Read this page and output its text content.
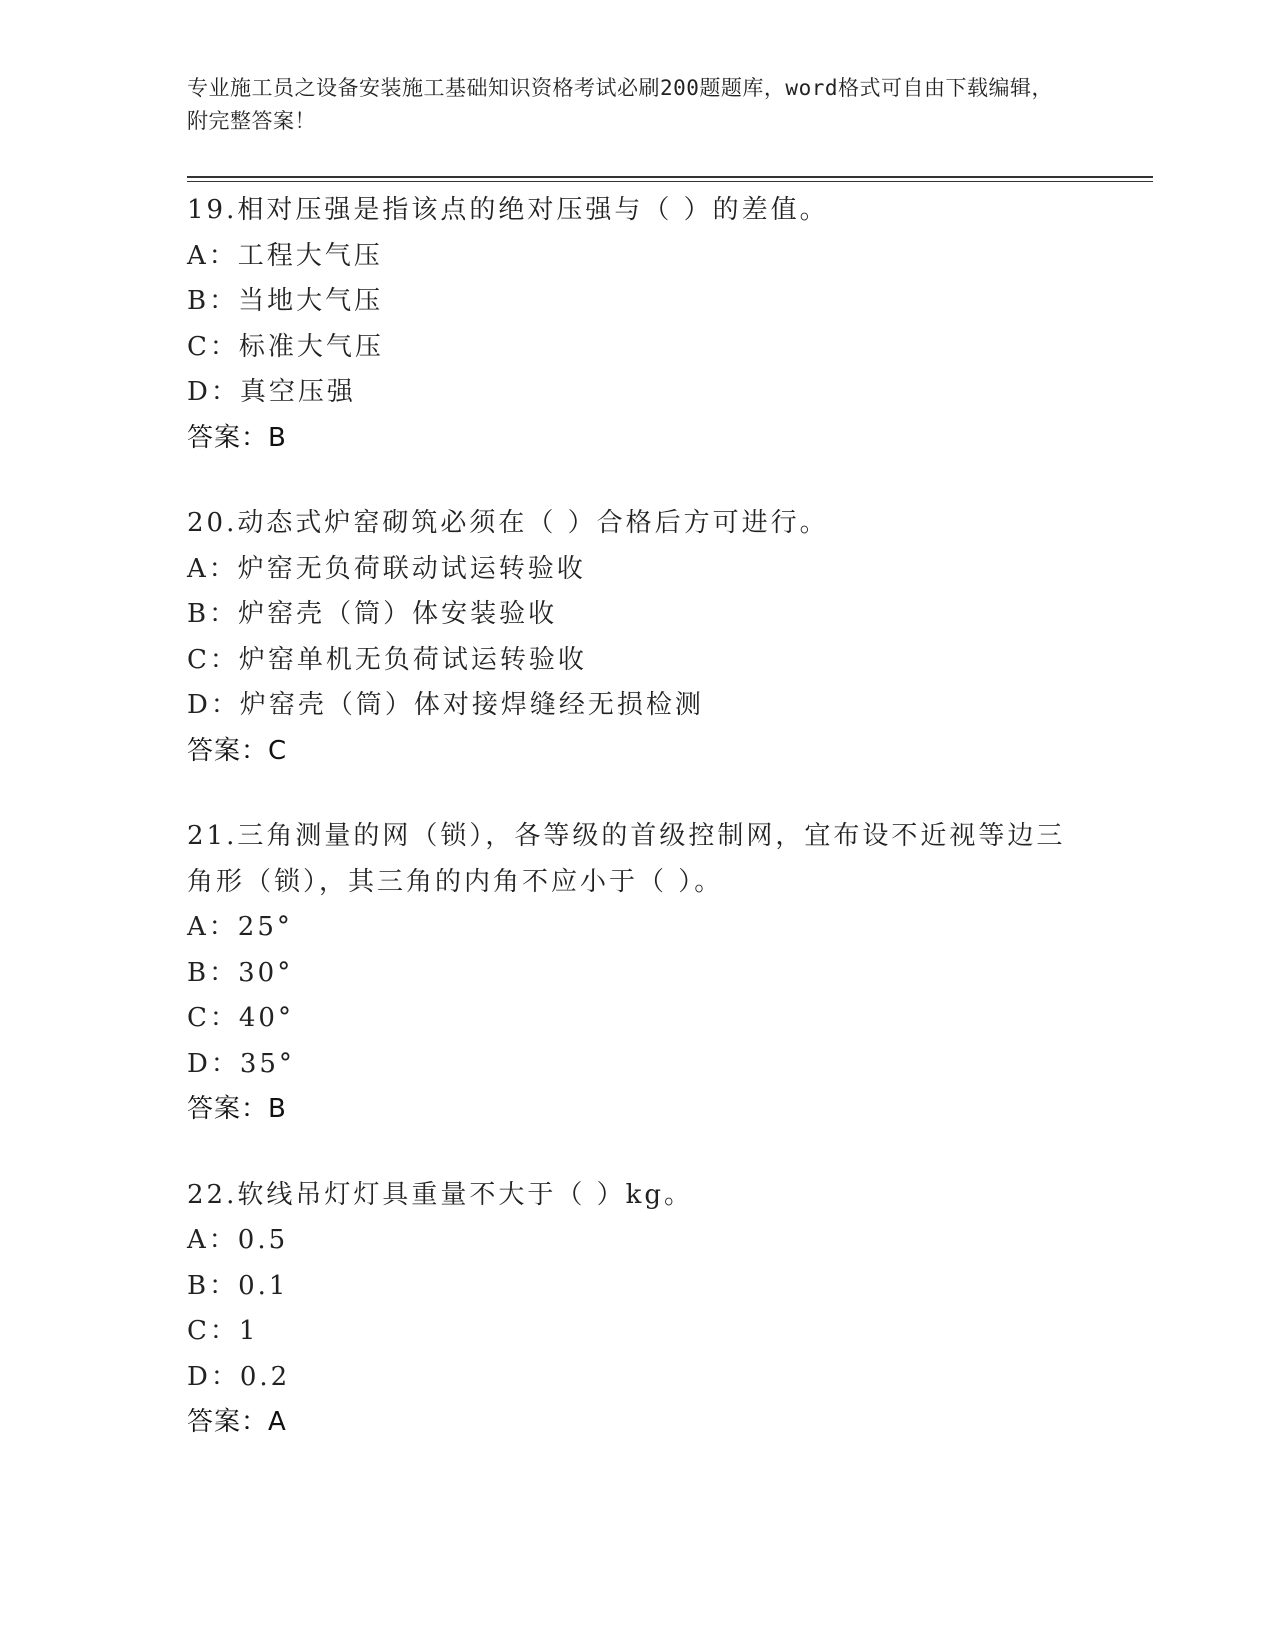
专业施工员之设备安装施工基础知识资格考试必刷200题题库，word格式可自由下载编辑，附完整答案！
19.相对压强是指该点的绝对压强与（ ）的差值。
A：工程大气压
B：当地大气压
C：标准大气压
D：真空压强
答案：B
20.动态式炉窑砌筑必须在（ ）合格后方可进行。
A：炉窑无负荷联动试运转验收
B：炉窑壳（筒）体安装验收
C：炉窑单机无负荷试运转验收
D：炉窑壳（筒）体对接焊缝经无损检测
答案：C
21.三角测量的网（锁），各等级的首级控制网，宜布设不近视等边三角形（锁），其三角的内角不应小于（ ）。
A：25°
B：30°
C：40°
D：35°
答案：B
22.软线吊灯灯具重量不大于（ ）kg。
A：0.5
B：0.1
C：1
D：0.2
答案：A
